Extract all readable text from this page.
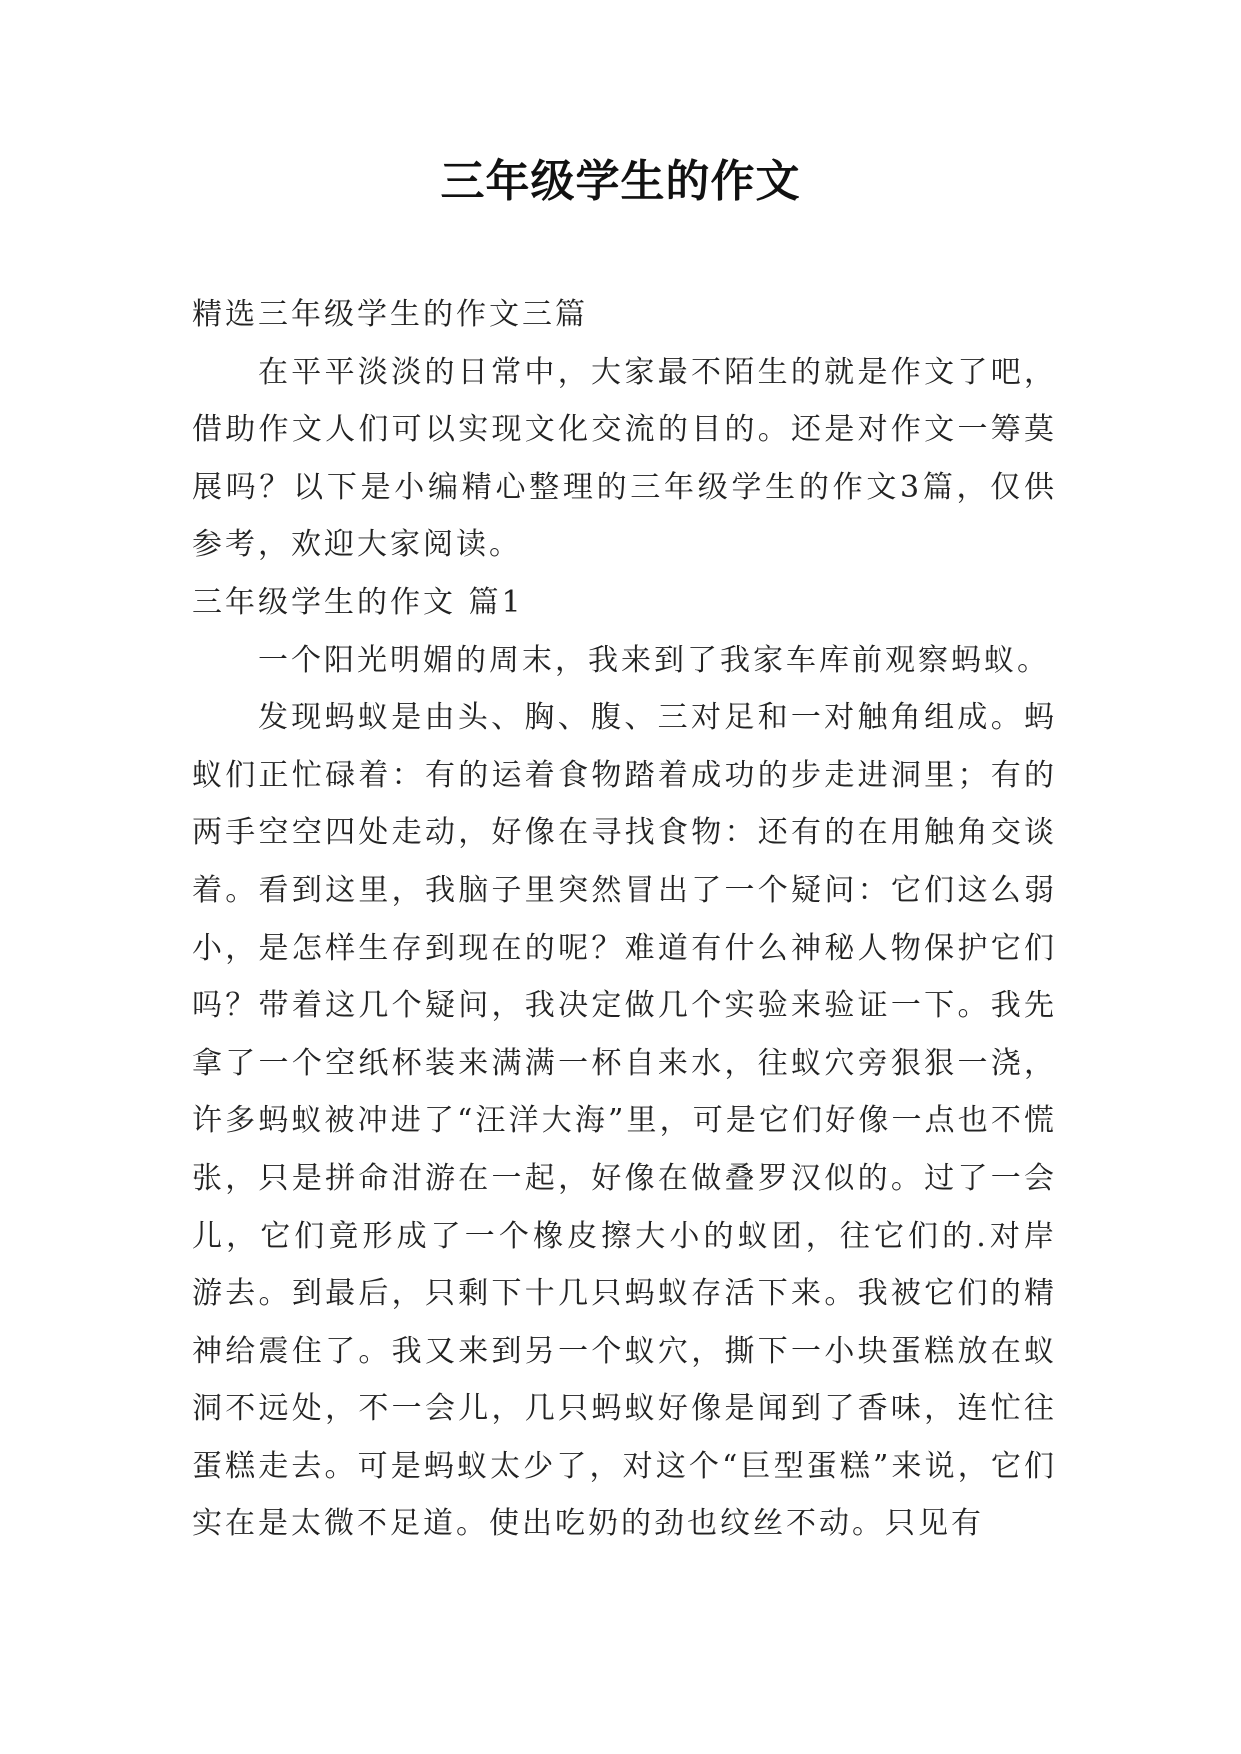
三年级学生的作文

精选三年级学生的作文三篇

在平平淡淡的日常中，大家最不陌生的就是作文了吧，借助作文人们可以实现文化交流的目的。还是对作文一筹莫展吗？以下是小编精心整理的三年级学生的作文3篇，仅供参考，欢迎大家阅读。

三年级学生的作文 篇1

一个阳光明媚的周末，我来到了我家车库前观察蚂蚁。

发现蚂蚁是由头、胸、腹、三对足和一对触角组成。蚂蚁们正忙碌着：有的运着食物踏着成功的步走进洞里；有的两手空空四处走动，好像在寻找食物：还有的在用触角交谈着。看到这里，我脑子里突然冒出了一个疑问：它们这么弱小，是怎样生存到现在的呢？难道有什么神秘人物保护它们吗？带着这几个疑问，我决定做几个实验来验证一下。我先拿了一个空纸杯装来满满一杯自来水，往蚁穴旁狠狠一浇，许多蚂蚁被冲进了“汪洋大海”里，可是它们好像一点也不慌张，只是拼命泔游在一起，好像在做叠罗汉似的。过了一会儿，它们竟形成了一个橡皮擦大小的蚁团，往它们的.对岸游去。到最后，只剩下十几只蚂蚁存活下来。我被它们的精神给震住了。我又来到另一个蚁穴，撕下一小块蛋糕放在蚁洞不远处，不一会儿，几只蚂蚁好像是闻到了香味，连忙往蛋糕走去。可是蚂蚁太少了，对这个“巨型蛋糕”来说，它们实在是太微不足道。使出吃奶的劲也纹丝不动。只见有
